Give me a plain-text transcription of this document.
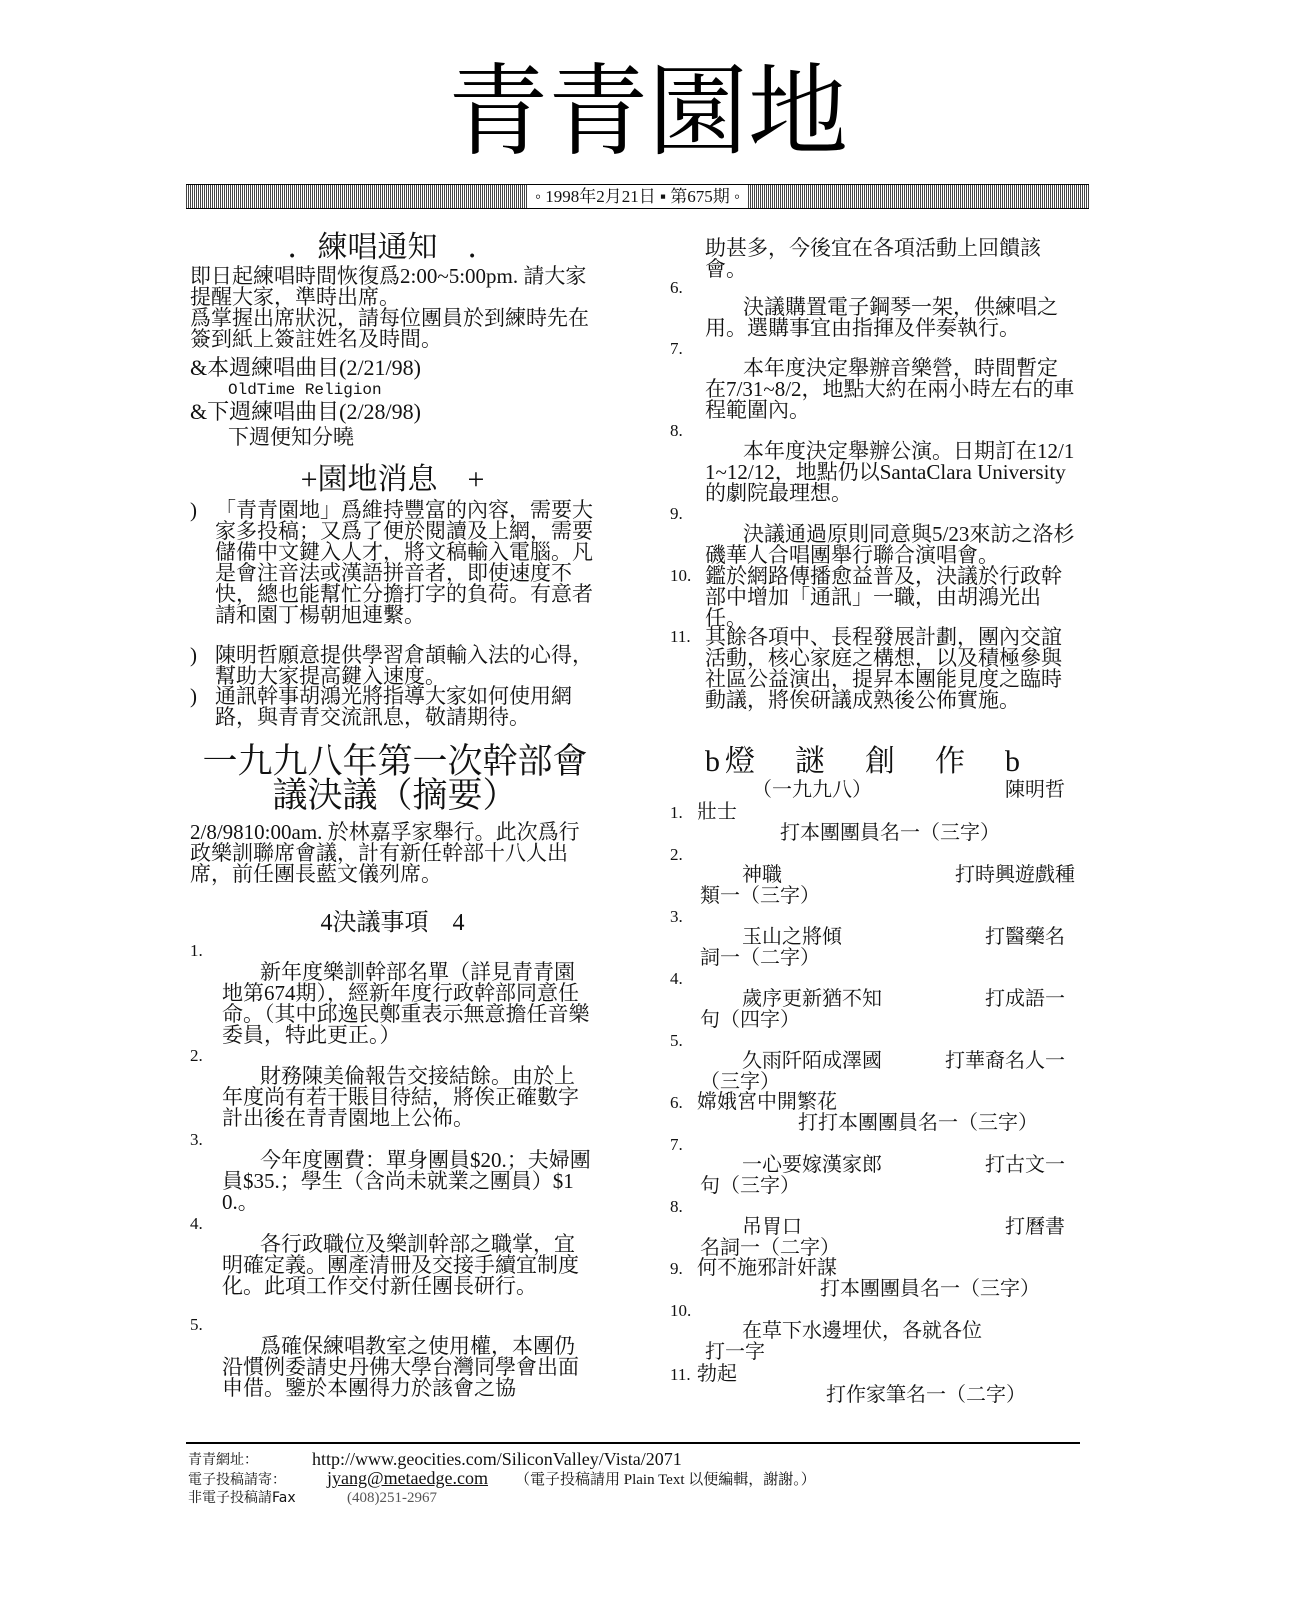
青青園地
◦ 1998年2月21日 ▪ 第675期 ◦
．練唱通知　．
即日起練唱時間恢復爲2:00~5:00pm. 請大家提醒大家，準時出席。
爲掌握出席狀況，請每位團員於到練時先在簽到紙上簽註姓名及時間。
&本週練唱曲目(2/21/98)
OldTime Religion
&下週練唱曲目(2/28/98)
下週便知分曉
+園地消息　+
) 「青青園地」爲維持豐富的內容，需要大家多投稿；又爲了便於閱讀及上網，需要儲備中文鍵入人才，將文稿輸入電腦。凡是會注音法或漢語拼音者，即使速度不快，總也能幫忙分擔打字的負荷。有意者請和園丁楊朝旭連繫。
) 陳明哲願意提供學習倉頡輸入法的心得，幫助大家提高鍵入速度。
) 通訊幹事胡鴻光將指導大家如何使用網路，與青青交流訊息，敬請期待。
一九九八年第一次幹部會議決議（摘要）
2/8/9810:00am. 於林嘉孚家舉行。此次爲行政樂訓聯席會議，計有新任幹部十八人出席，前任團長藍文儀列席。
4決議事項　4
1.
新年度樂訓幹部名單（詳見青青園地第674期），經新年度行政幹部同意任命。（其中邱逸民鄭重表示無意擔任音樂委員，特此更正。）
2.
財務陳美倫報告交接結餘。由於上年度尚有若干賬目待結，將俟正確數字計出後在青青園地上公佈。
3.
今年度團費：單身團員$20.；夫婦團員$35.；學生（含尚未就業之團員）$10.。
4.
各行政職位及樂訓幹部之職掌，宜明確定義。團產清冊及交接手續宜制度化。此項工作交付新任團長研行。
5.
爲確保練唱教室之使用權，本團仍沿慣例委請史丹佛大學台灣同學會出面申借。鑒於本團得力於該會之協
助甚多，今後宜在各項活動上回饋該會。
6.
決議購置電子鋼琴一架，供練唱之用。選購事宜由指揮及伴奏執行。
7.
本年度決定舉辦音樂營，時間暫定在7/31~8/2，地點大約在兩小時左右的車程範圍內。
8.
本年度決定舉辦公演。日期訂在12/11~12/12，地點仍以SantaClara University的劇院最理想。
9.
決議通過原則同意與5/23來訪之洛杉磯華人合唱團舉行聯合演唱會。
10. 鑑於網路傳播愈益普及，決議於行政幹部中增加「通訊」一職，由胡鴻光出任。
11. 其餘各項中、長程發展計劃，團內交誼活動，核心家庭之構想，以及積極參與社區公益演出，提昇本團能見度之臨時動議，將俟研議成熟後公佈實施。
b燈　謎　創　作　b
（一九九八）	陳明哲
1. 壯士
打本團團員名一（三字）
2.
神職	打時興遊戲種類一（三字）
3.
玉山之將傾	打醫藥名詞一（二字）
4.
歲序更新猶不知	打成語一句（四字）
5.
久雨阡陌成澤國	打華裔名人一（三字）
6. 嫦娥宮中開繁花
打打本團團員名一（三字）
7.
一心要嫁漢家郎	打古文一句（三字）
8.
吊胃口	打曆書名詞一（二字）
9. 何不施邪計奸謀
打本團團員名一（三字）
10.
在草下水邊埋伏，各就各位
打一字
11. 勃起
打作家筆名一（二字）
青青網址：	http://www.geocities.com/SiliconValley/Vista/2071
電子投稿請寄： jyang@metaedge.com （電子投稿請用 Plain Text 以便編輯，謝謝。）
非電子投稿請Fax	(408)251-2967
